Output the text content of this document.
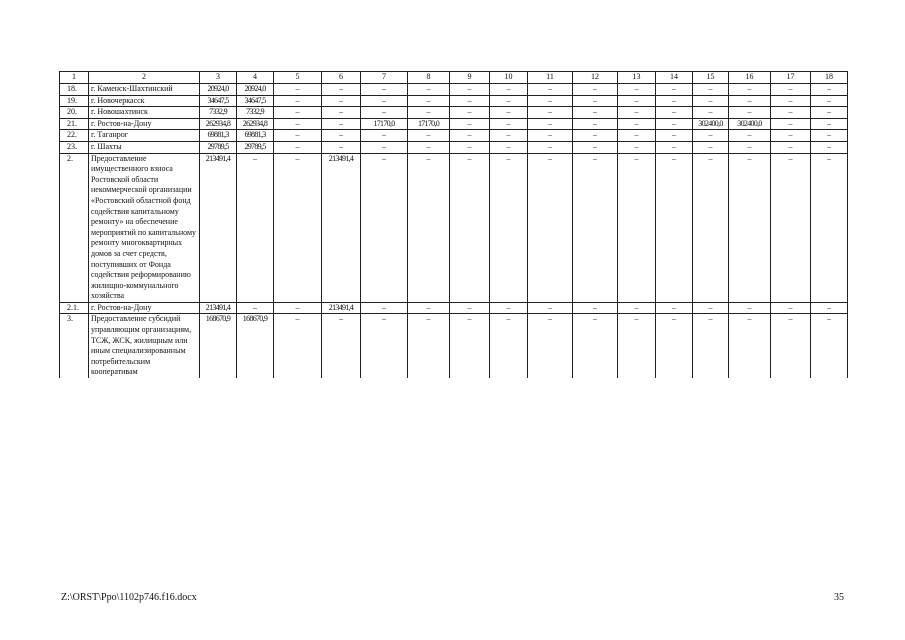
1	2	3	4	5	6	7	8	9	10	11	12	13	14	15	16	17	18
18.	г. Каменск-Шахтинский	20924,0	20924,0	–	–	–	–	–	–	–	–	–	–	–	–	–	–
19.	г. Новочеркасск	34647,5	34647,5	–	–	–	–	–	–	–	–	–	–	–	–	–	–
20.	г. Новошахтинск	7332,9	7332,9	–	–	–	–	–	–	–	–	–	–	–	–	–	–
21.	г. Ростов-на-Дону	262934,8	262934,8	–	–	17170,0	17170,0	–	–	–	–	–	–	302400,0	302400,0	–	–
22.	г. Таганрог	69881,3	69881,3	–	–	–	–	–	–	–	–	–	–	–	–	–	–
23.	г. Шахты	29789,5	29789,5	–	–	–	–	–	–	–	–	–	–	–	–	–	–
2.	Предоставление имущественного взноса Ростовской области некоммерческой организации «Ростовский областной фонд содействия капитальному ремонту» на обеспечение мероприятий по капитальному ремонту многоквартирных домов за счет средств, поступивших от Фонда содействия реформированию жилищно-коммунального хозяйства	213491,4	–	–	213491,4	–	–	–	–	–	–	–	–	–	–	–	–
2.1.	г. Ростов-на-Дону	213491,4	–	–	213491,4	–	–	–	–	–	–	–	–	–	–	–	–
3.	Предоставление субсидий управляющим организациям, ТСЖ, ЖСК, жилищным или иным специализированным потребительским кооперативам	168670,9	168670,9	–	–	–	–	–	–	–	–	–	–	–	–	–	–
Z:\ORST\Ppo\1102p746.f16.docx	35
